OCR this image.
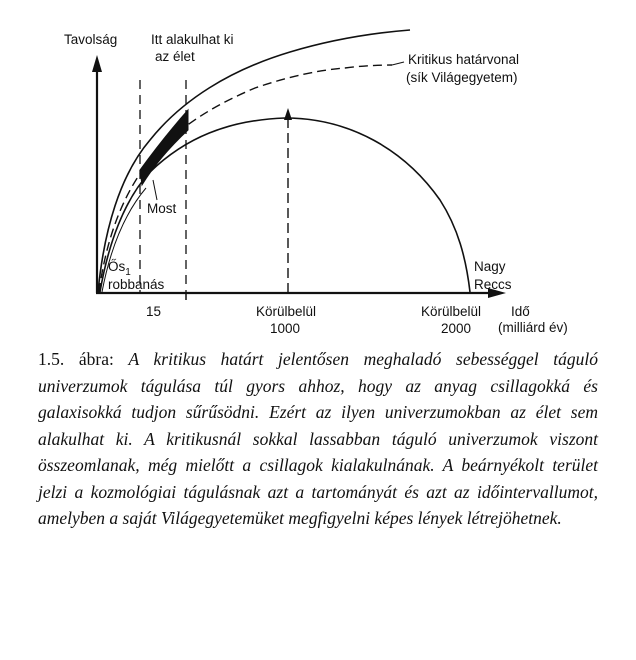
Tavolság Itt alakulhat ki
az élet	Kritikus határvonal
(sík Világegyetem)
Most
$Ős_1$
robbanás
Nagy
Reccs
15	Körülbelül
1000
Körülbelül
2000
Idő
(milliárd év)
1.5. ábra: A kritikus határt jelentősen meghaladó sebességgel táguló univerzumok tágulása túl gyors ahhoz, hogy az anyag csillagokká és galaxisokká tudjon sűrűsödni. Ezért az ilyen univerzumokban az élet sem alakulhat ki. A kritikusnál sokkal lassabban táguló univerzumok viszont összeomlanak, még mielőtt a csillagok kialakulnának. A beárnyékolt terület jelzi a kozmológiai tágulásnak azt a tartományát és azt az időintervallumot, amelyben a saját Világegyetemüket megfigyelni képes lények létrejöhetnek.
